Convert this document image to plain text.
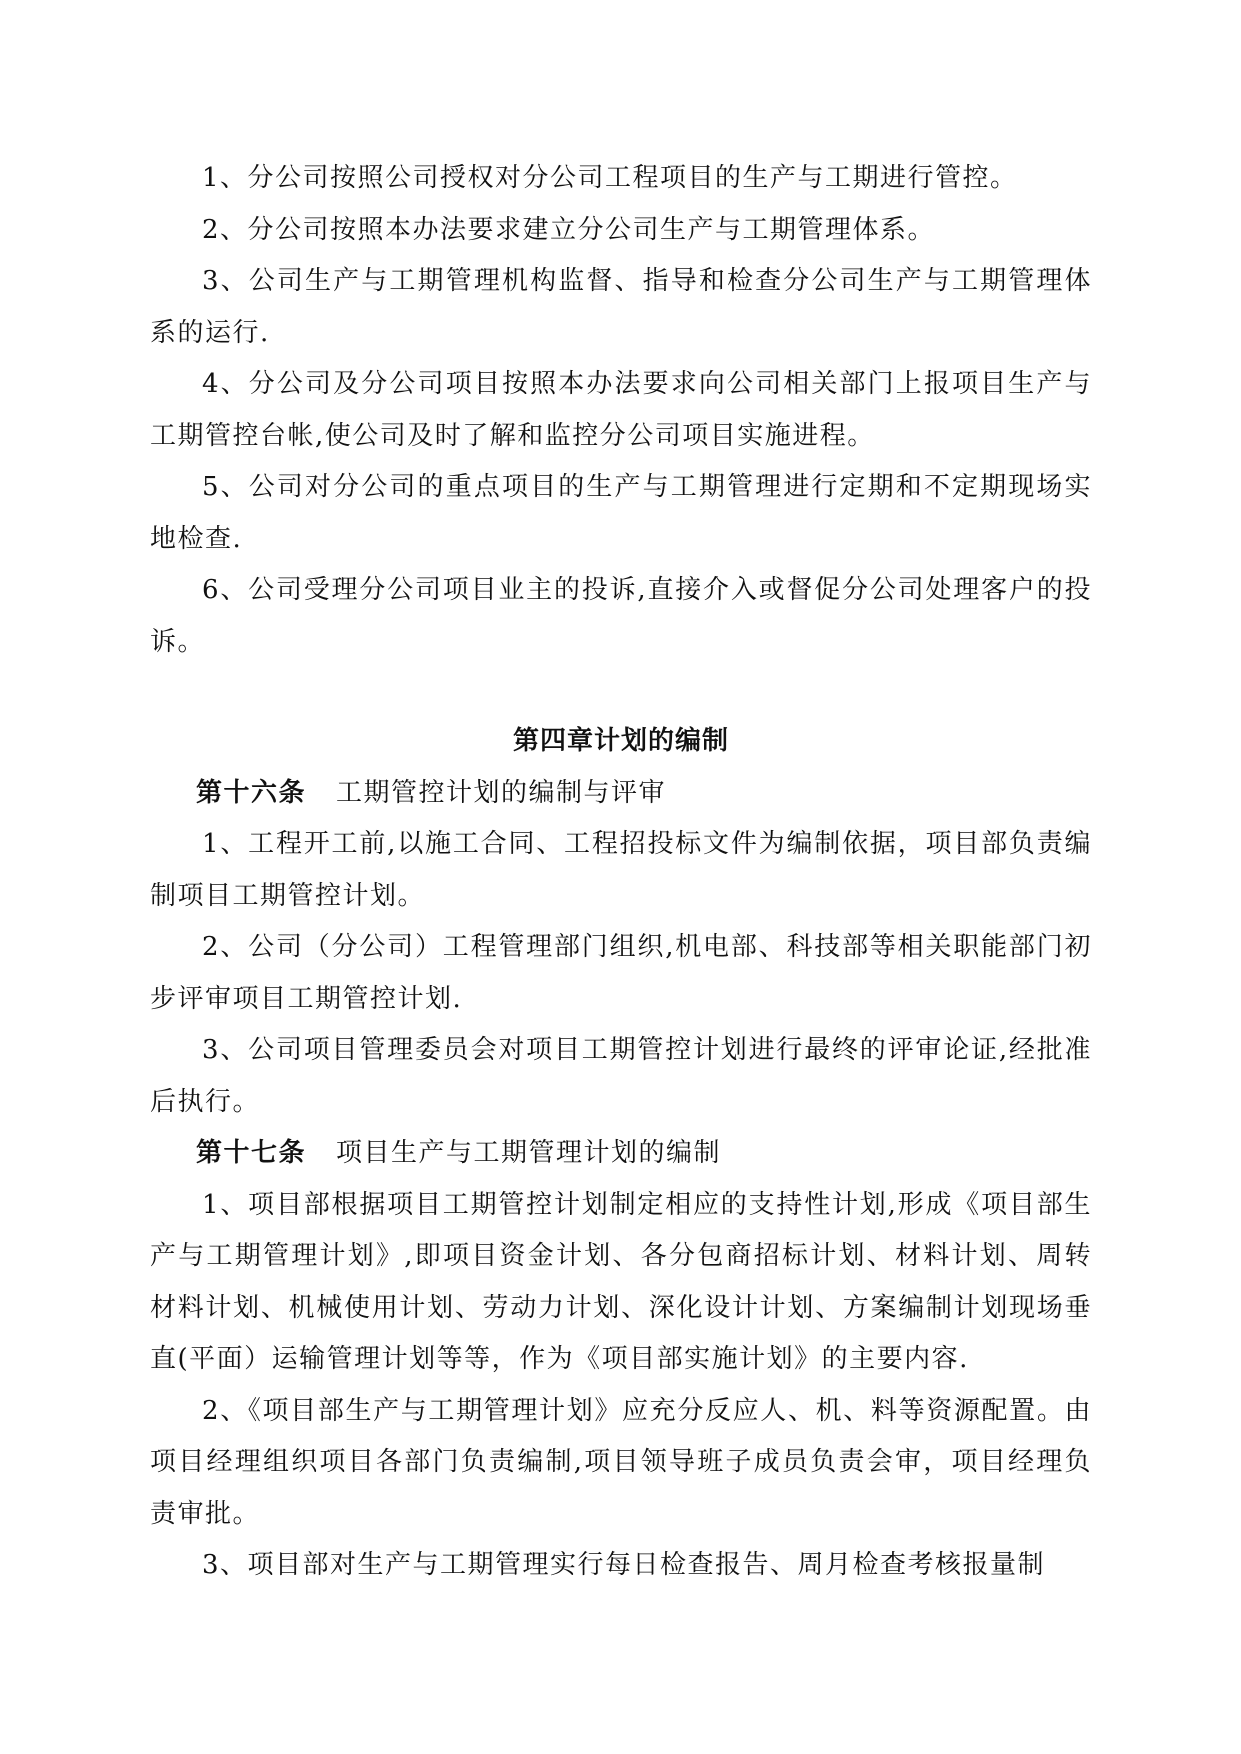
1、分公司按照公司授权对分公司工程项目的生产与工期进行管控。

2、分公司按照本办法要求建立分公司生产与工期管理体系。

3、公司生产与工期管理机构监督、指导和检查分公司生产与工期管理体系的运行.

4、分公司及分公司项目按照本办法要求向公司相关部门上报项目生产与工期管控台帐,使公司及时了解和监控分公司项目实施进程。

5、公司对分公司的重点项目的生产与工期管理进行定期和不定期现场实地检查.

6、公司受理分公司项目业主的投诉,直接介入或督促分公司处理客户的投诉。

第四章计划的编制

第十六条 工期管控计划的编制与评审

1、工程开工前,以施工合同、工程招投标文件为编制依据，项目部负责编制项目工期管控计划。

2、公司（分公司）工程管理部门组织,机电部、科技部等相关职能部门初步评审项目工期管控计划.

3、公司项目管理委员会对项目工期管控计划进行最终的评审论证,经批准后执行。

第十七条 项目生产与工期管理计划的编制

1、项目部根据项目工期管控计划制定相应的支持性计划,形成《项目部生产与工期管理计划》,即项目资金计划、各分包商招标计划、材料计划、周转材料计划、机械使用计划、劳动力计划、深化设计计划、方案编制计划现场垂直(平面）运输管理计划等等，作为《项目部实施计划》的主要内容.

2、《项目部生产与工期管理计划》应充分反应人、机、料等资源配置。由项目经理组织项目各部门负责编制,项目领导班子成员负责会审，项目经理负责审批。

3、项目部对生产与工期管理实行每日检查报告、周月检查考核报量制
